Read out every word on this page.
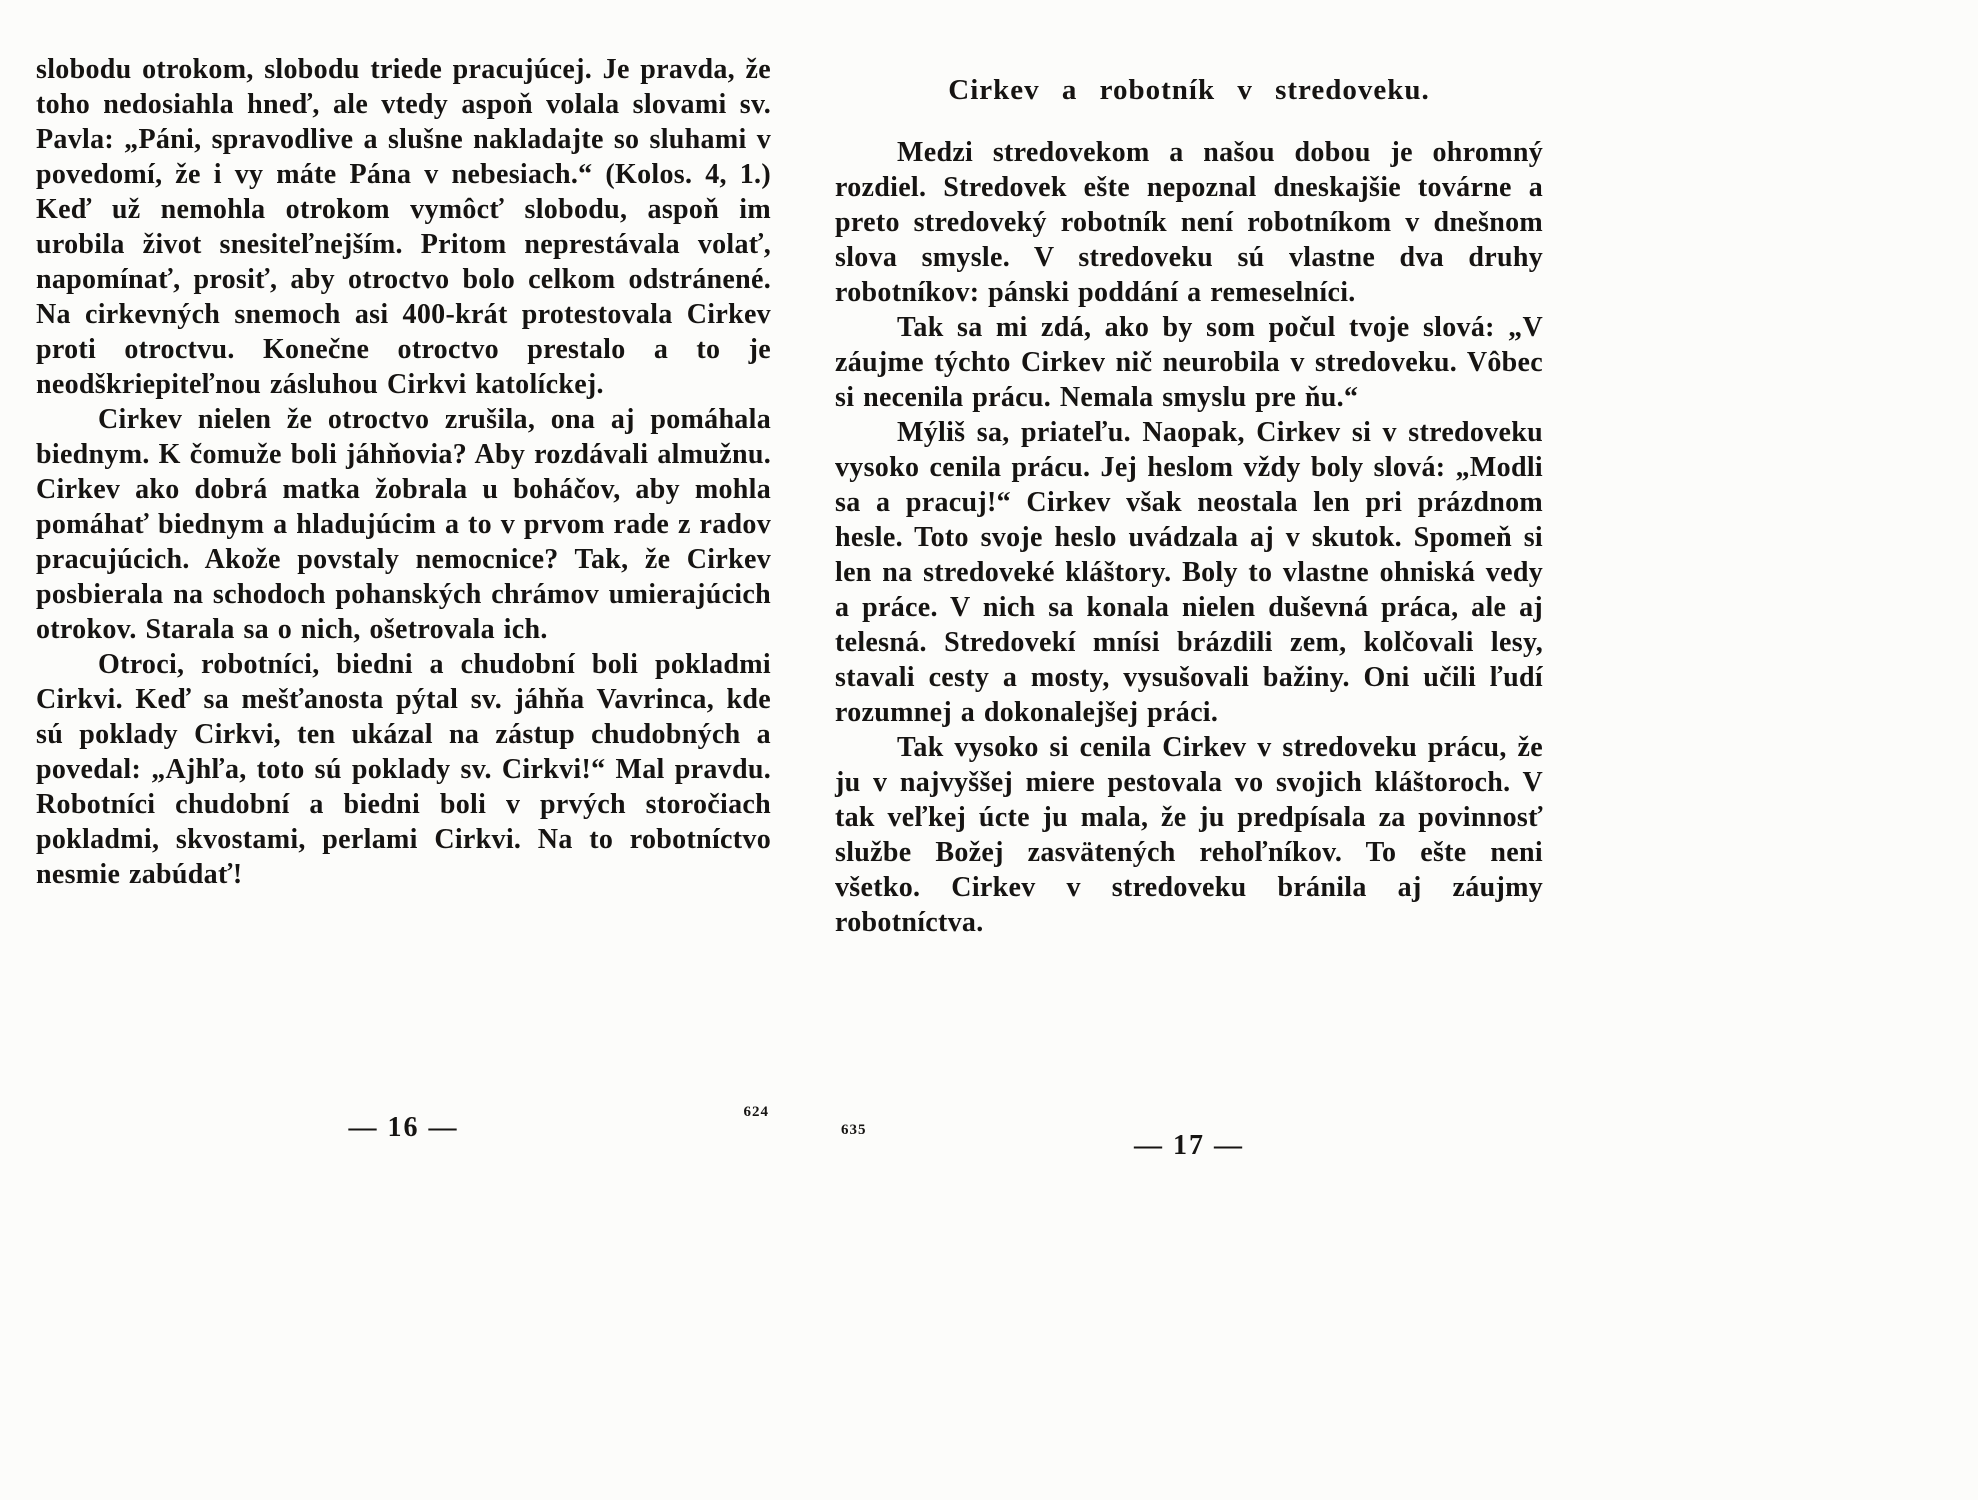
slobodu otrokom, slobodu triede pracujúcej. Je pravda, že toho nedosiahla hneď, ale vtedy aspoň volala slovami sv. Pavla: „Páni, spravodlive a slušne nakladajte so sluhami v povedomí, že i vy máte Pána v nebesiach.“ (Kolos. 4, 1.) Keď už nemohla otrokom vymôcť slobodu, aspoň im urobila život snesiteľnejším. Pritom neprestávala volať, napomínať, prosiť, aby otroctvo bolo celkom odstránené. Na cirkevných snemoch asi 400-krát protestovala Cirkev proti otroctvu. Konečne otroctvo prestalo a to je neodškriepiteľnou zásluhou Cirkvi katolíckej.

Cirkev nielen že otroctvo zrušila, ona aj pomáhala biednym. K čomuže boli jáhňovia? Aby rozdávali almužnu. Cirkev ako dobrá matka žobrala u boháčov, aby mohla pomáhať biednym a hladujúcim a to v prvom rade z radov pracujúcich. Akože povstaly nemocnice? Tak, že Cirkev posbierala na schodoch pohanských chrámov umierajúcich otrokov. Starala sa o nich, ošetrovala ich.

Otroci, robotníci, biedni a chudobní boli pokladmi Cirkvi. Keď sa mešťanosta pýtal sv. jáhňa Vavrinca, kde sú poklady Cirkvi, ten ukázal na zástup chudobných a povedal: „Ajhľa, toto sú poklady sv. Cirkvi!“ Mal pravdu. Robotníci chudobní a biedni boli v prvých storočiach pokladmi, skvostami, perlami Cirkvi. Na to robotníctvo nesmie zabúdať!

— 16 —	624
Cirkev a robotník v stredoveku.

Medzi stredovekom a našou dobou je ohromný rozdiel. Stredovek ešte nepoznal dneskajšie továrne a preto stredoveký robotník není robotníkom v dnešnom slova smysle. V stredoveku sú vlastne dva druhy robotníkov: pánski poddání a remeselníci.

Tak sa mi zdá, ako by som počul tvoje slová: „V záujme týchto Cirkev nič neurobila v stredoveku. Vôbec si necenila prácu. Nemala smyslu pre ňu.“

Mýliš sa, priateľu. Naopak, Cirkev si v stredoveku vysoko cenila prácu. Jej heslom vždy boly slová: „Modli sa a pracuj!“ Cirkev však neostala len pri prázdnom hesle. Toto svoje heslo uvádzala aj v skutok. Spomeň si len na stredoveké kláštory. Boly to vlastne ohniská vedy a práce. V nich sa konala nielen duševná práca, ale aj telesná. Stredovekí mnísi brázdili zem, kolčovali lesy, stavali cesty a mosty, vysušovali bažiny. Oni učili ľudí rozumnej a dokonalejšej práci.

Tak vysoko si cenila Cirkev v stredoveku prácu, že ju v najvyššej miere pestovala vo svojich kláštoroch. V tak veľkej úcte ju mala, že ju predpísala za povinnosť službe Božej zasvätených rehoľníkov. To ešte neni všetko. Cirkev v stredoveku bránila aj záujmy robotníctva.

635	— 17 —
